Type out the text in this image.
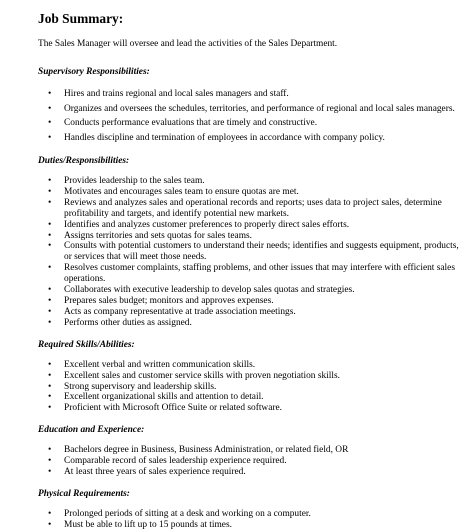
Job Summary:
The Sales Manager will oversee and lead the activities of the Sales Department.
Supervisory Responsibilities:
• Hires and trains regional and local sales managers and staff.
• Organizes and oversees the schedules, territories, and performance of regional and local sales managers.
• Conducts performance evaluations that are timely and constructive.
• Handles discipline and termination of employees in accordance with company policy.
Duties/Responsibilities:
• Provides leadership to the sales team.
• Motivates and encourages sales team to ensure quotas are met.
• Reviews and analyzes sales and operational records and reports; uses data to project sales, determine profitability and targets, and identify potential new markets.
• Identifies and analyzes customer preferences to properly direct sales efforts.
• Assigns territories and sets quotas for sales teams.
• Consults with potential customers to understand their needs; identifies and suggests equipment, products, or services that will meet those needs.
• Resolves customer complaints, staffing problems, and other issues that may interfere with efficient sales operations.
• Collaborates with executive leadership to develop sales quotas and strategies.
• Prepares sales budget; monitors and approves expenses.
• Acts as company representative at trade association meetings.
• Performs other duties as assigned.
Required Skills/Abilities:
• Excellent verbal and written communication skills.
• Excellent sales and customer service skills with proven negotiation skills.
• Strong supervisory and leadership skills.
• Excellent organizational skills and attention to detail.
• Proficient with Microsoft Office Suite or related software.
Education and Experience:
• Bachelors degree in Business, Business Administration, or related field, OR
• Comparable record of sales leadership experience required.
• At least three years of sales experience required.
Physical Requirements:
• Prolonged periods of sitting at a desk and working on a computer.
• Must be able to lift up to 15 pounds at times.
